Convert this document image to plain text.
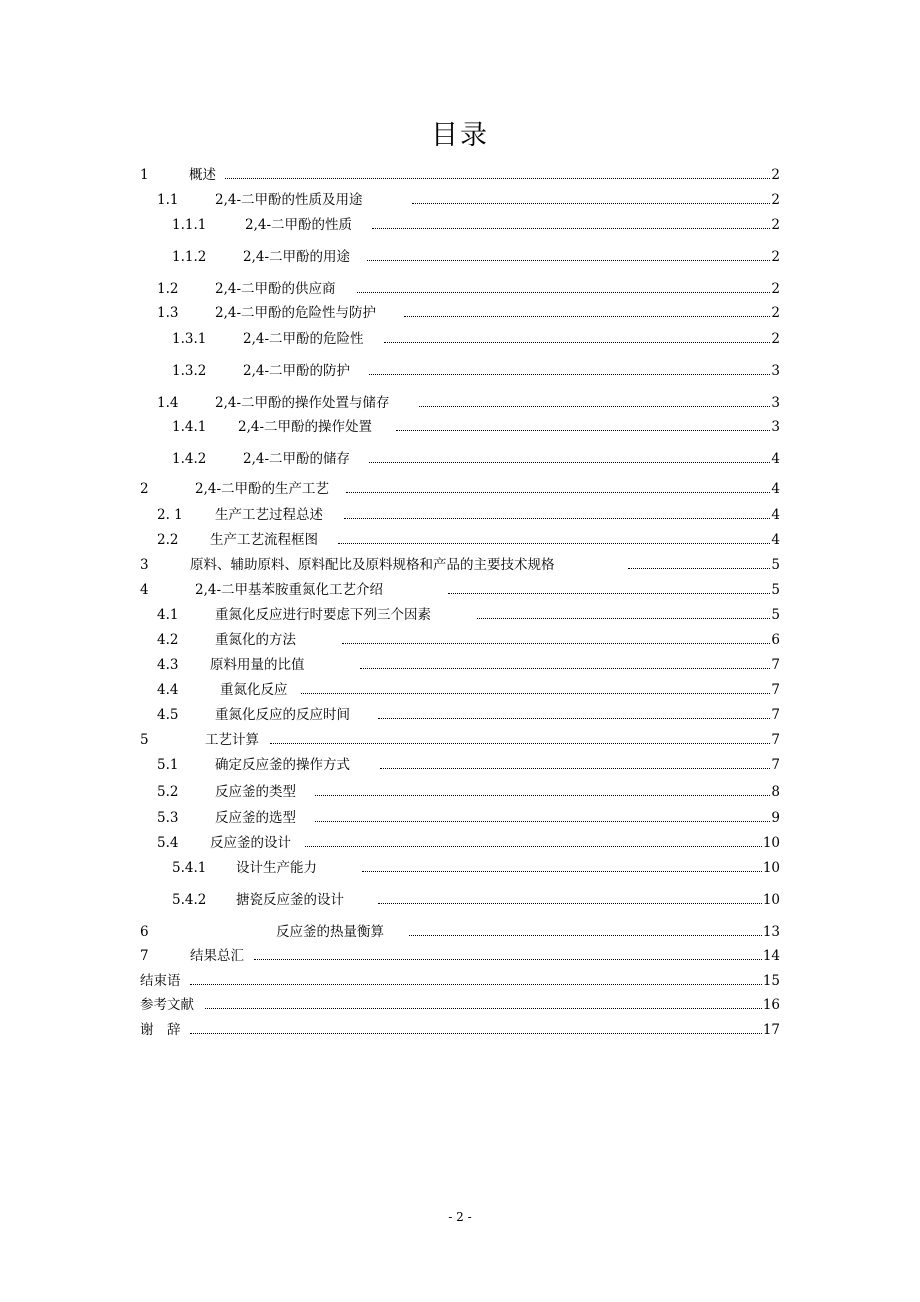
目录
1	概述	2
1.1	2,4-二甲酚的性质及用途	2
1.1.1	2,4-二甲酚的性质	2
1.1.2	2,4-二甲酚的用途	2
1.2	2,4-二甲酚的供应商	2
1.3	2,4-二甲酚的危险性与防护	2
1.3.1	2,4-二甲酚的危险性	2
1.3.2	2,4-二甲酚的防护	3
1.4	2,4-二甲酚的操作处置与储存	3
1.4.1 2,4-二甲酚的操作处置	3
1.4.2	2,4-二甲酚的储存	4
2	2,4-二甲酚的生产工艺	4
2. 1 生产工艺过程总述	4
2.2 生产工艺流程框图	4
3	原料、辅助原料、原料配比及原料规格和产品的主要技术规格	5
4	2,4-二甲基苯胺重氮化工艺介绍	5
4.1	重氮化反应进行时要虑下列三个因素	5
4.2	重氮化的方法	6
4.3 原料用量的比值	7
4.4	重氮化反应	7
4.5	重氮化反应的反应时间	7
5	工艺计算	7
5.1	确定反应釜的操作方式	7
5.2	反应釜的类型	8
5.3	反应釜的选型	9
5.4 反应釜的设计	10
5.4.1 设计生产能力	10
5.4.2 搪瓷反应釜的设计	10
6	反应釜的热量衡算	13
7	结果总汇	14
结束语	15
参考文献	16
谢　辞	17
- 2 -
